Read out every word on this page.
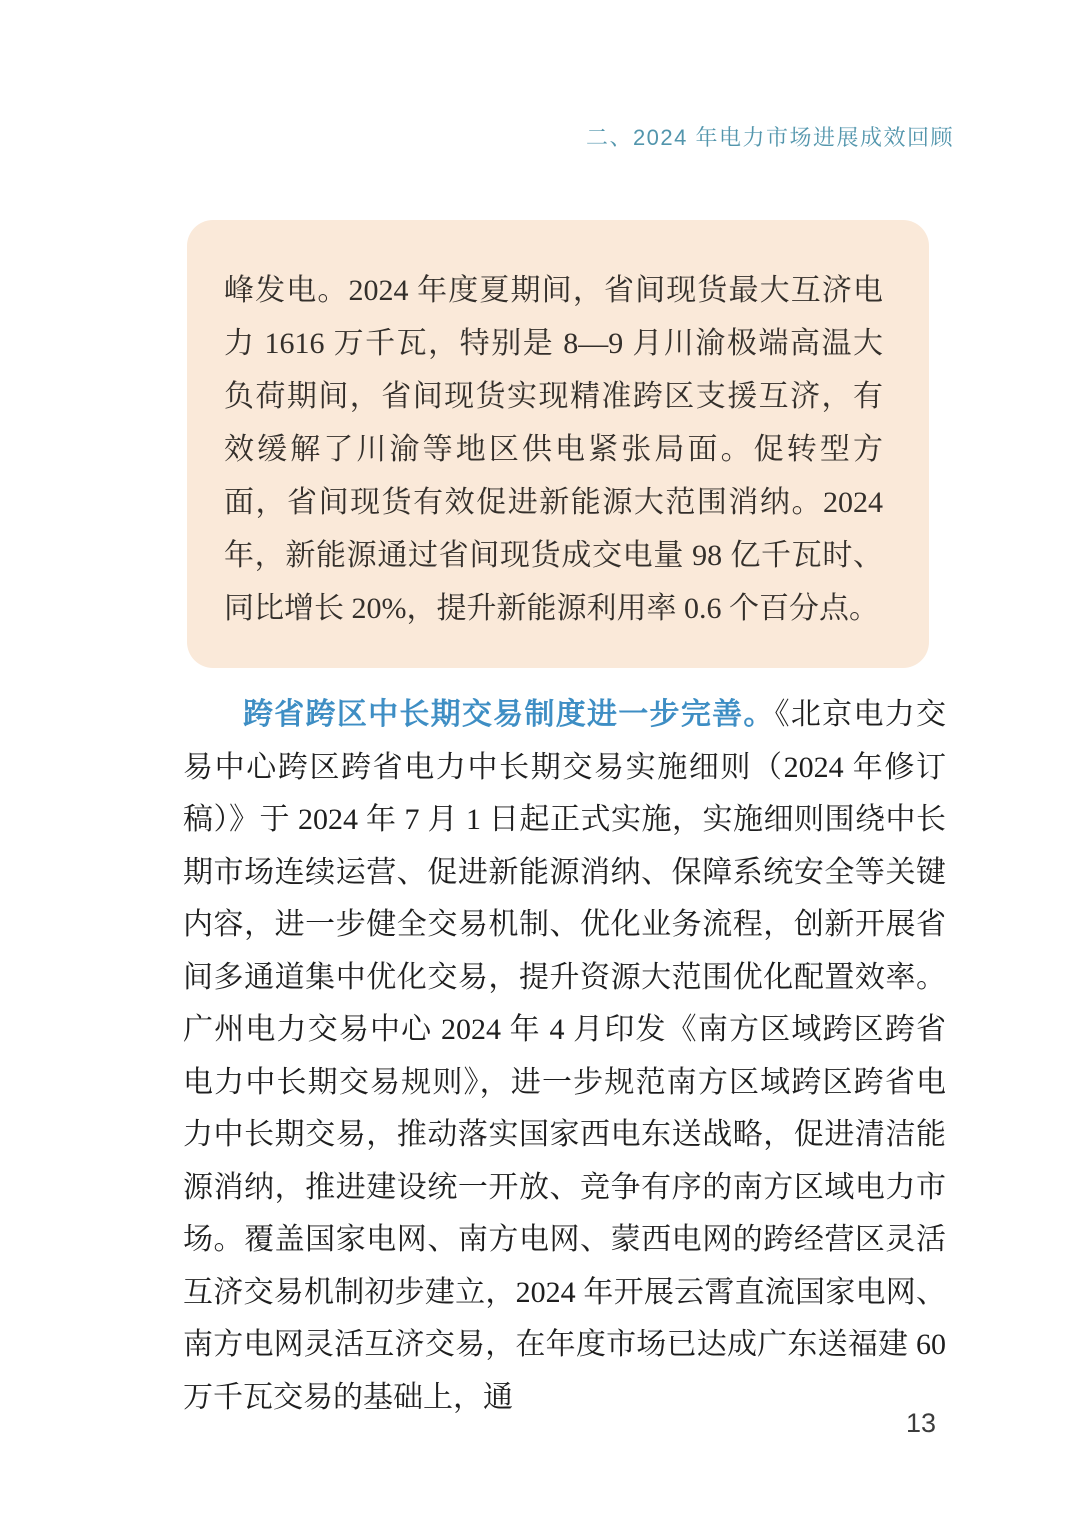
二、2024 年电力市场进展成效回顾

峰发电。2024 年度夏期间，省间现货最大互济电力 1616 万千瓦，特别是 8—9 月川渝极端高温大负荷期间，省间现货实现精准跨区支援互济，有效缓解了川渝等地区供电紧张局面。促转型方面，省间现货有效促进新能源大范围消纳。2024 年，新能源通过省间现货成交电量 98 亿千瓦时、同比增长 20%，提升新能源利用率 0.6 个百分点。

跨省跨区中长期交易制度进一步完善。《北京电力交易中心跨区跨省电力中长期交易实施细则（2024 年修订稿）》于 2024 年 7 月 1 日起正式实施，实施细则围绕中长期市场连续运营、促进新能源消纳、保障系统安全等关键内容，进一步健全交易机制、优化业务流程，创新开展省间多通道集中优化交易，提升资源大范围优化配置效率。广州电力交易中心 2024 年 4 月印发《南方区域跨区跨省电力中长期交易规则》，进一步规范南方区域跨区跨省电力中长期交易，推动落实国家西电东送战略，促进清洁能源消纳，推进建设统一开放、竞争有序的南方区域电力市场。覆盖国家电网、南方电网、蒙西电网的跨经营区灵活互济交易机制初步建立，2024 年开展云霄直流国家电网、南方电网灵活互济交易，在年度市场已达成广东送福建 60 万千瓦交易的基础上，通

13
